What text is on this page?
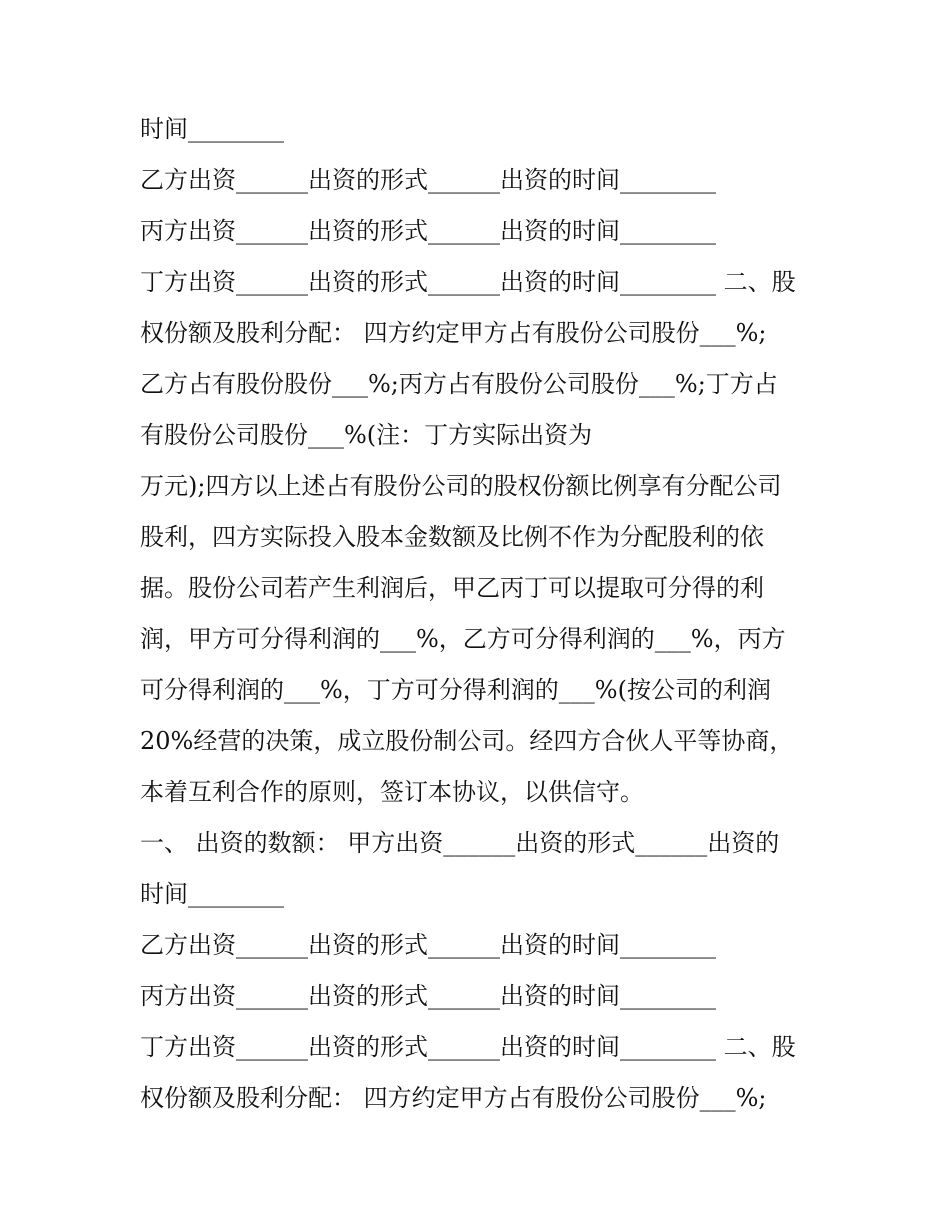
时间________
乙方出资______出资的形式______出资的时间________
丙方出资______出资的形式______出资的时间________
丁方出资______出资的形式______出资的时间________ 二、股
权份额及股利分配： 四方约定甲方占有股份公司股份___%;
乙方占有股份股份___%;丙方占有股份公司股份___%;丁方占
有股份公司股份___%(注：丁方实际出资为
万元);四方以上述占有股份公司的股权份额比例享有分配公司
股利，四方实际投入股本金数额及比例不作为分配股利的依
据。股份公司若产生利润后，甲乙丙丁可以提取可分得的利
润，甲方可分得利润的___%，乙方可分得利润的___%，丙方
可分得利润的___%，丁方可分得利润的___%(按公司的利润
20%经营的决策，成立股份制公司。经四方合伙人平等协商，
本着互利合作的原则，签订本协议，以供信守。
一、 出资的数额： 甲方出资______出资的形式______出资的
时间________
乙方出资______出资的形式______出资的时间________
丙方出资______出资的形式______出资的时间________
丁方出资______出资的形式______出资的时间________ 二、股
权份额及股利分配： 四方约定甲方占有股份公司股份___%;
